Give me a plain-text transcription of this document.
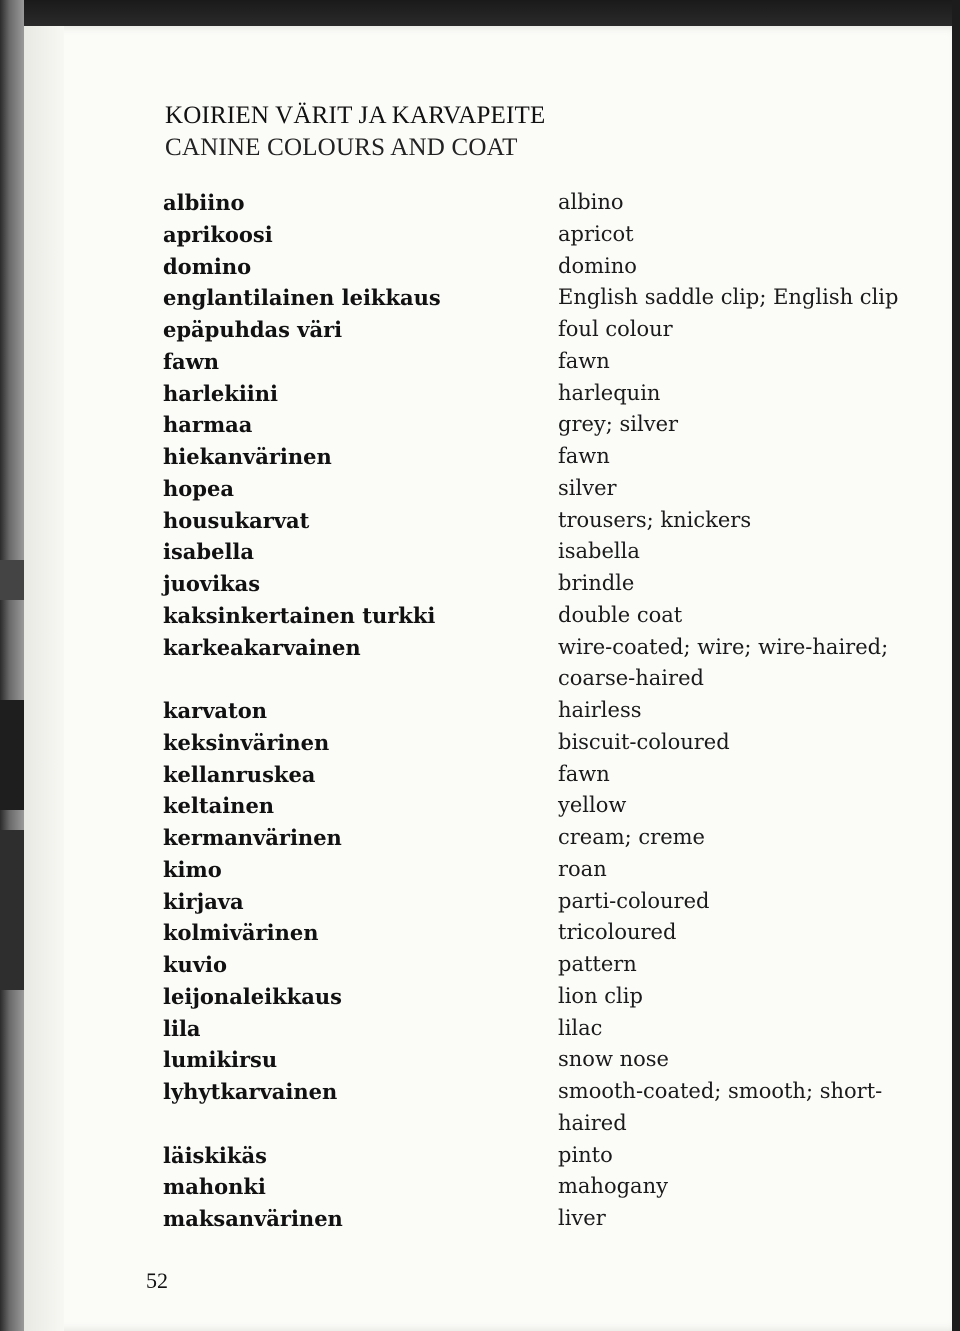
KOIRIEN VÄRIT JA KARVAPEITE
CANINE COLOURS AND COAT
albiino
aprikoosi
domino
englantilainen leikkaus
epäpuhdas väri
fawn
harlekiini
harmaa
hiekanvärinen
hopea
housukarvat
isabella
juovikas
kaksinkertainen turkki
karkeakarvainen
karvaton
keksinvärinen
kellanruskea
keltainen
kermanvärinen
kimo
kirjava
kolmivärinen
kuvio
leijonaleikkaus
lila
lumikirsu
lyhytkarvainen
läiskikäs
mahonki
maksanvärinen
albino
apricot
domino
English saddle clip; English clip
foul colour
fawn
harlequin
grey; silver
fawn
silver
trousers; knickers
isabella
brindle
double coat
wire-coated; wire; wire-haired;
coarse-haired
hairless
biscuit-coloured
fawn
yellow
cream; creme
roan
parti-coloured
tricoloured
pattern
lion clip
lilac
snow nose
smooth-coated; smooth; short-
haired
pinto
mahogany
liver
52
